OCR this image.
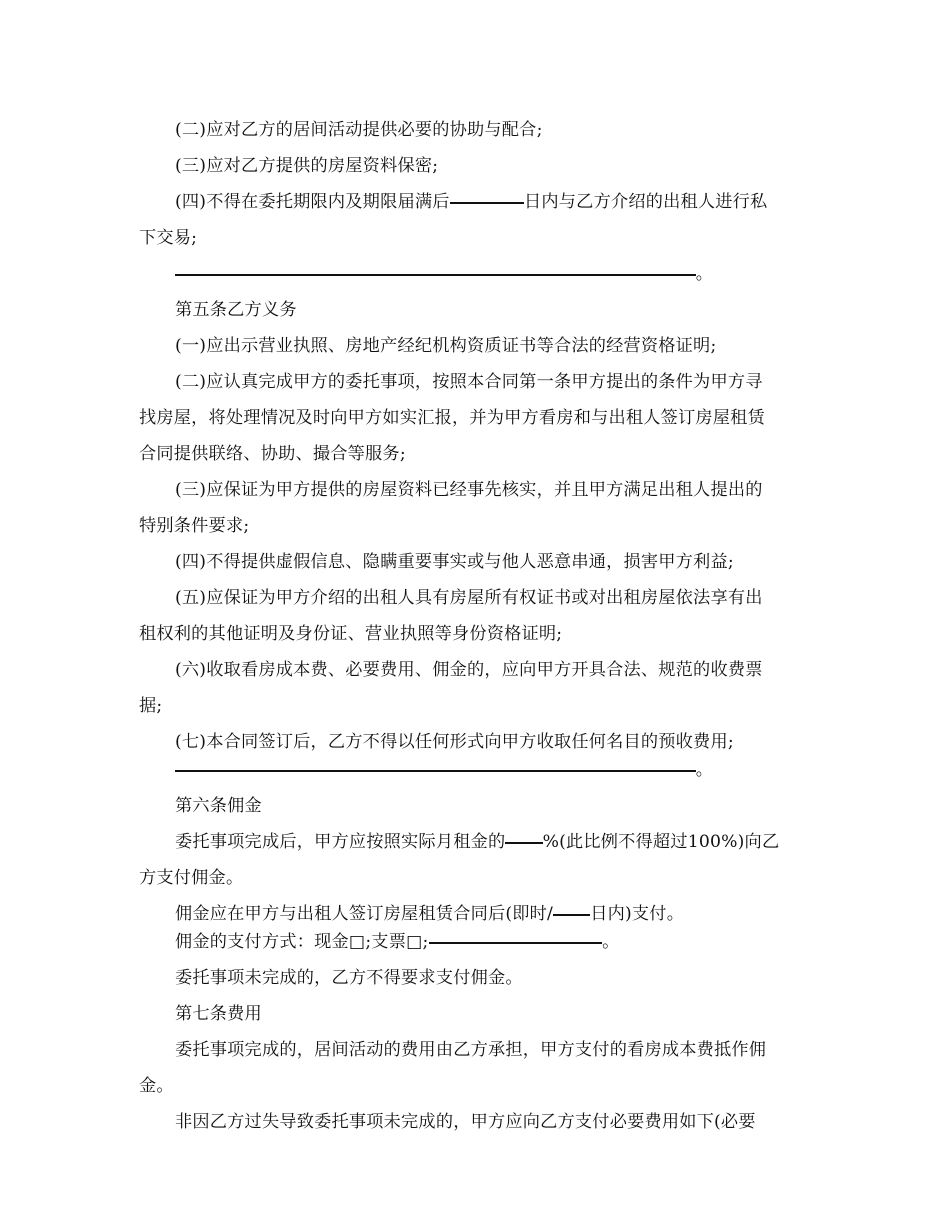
(二)应对乙方的居间活动提供必要的协助与配合;
(三)应对乙方提供的房屋资料保密;
(四)不得在委托期限内及期限届满后	日内与乙方介绍的出租人进行私
下交易;
。
第五条乙方义务
(一)应出示营业执照、房地产经纪机构资质证书等合法的经营资格证明;
(二)应认真完成甲方的委托事项，按照本合同第一条甲方提出的条件为甲方寻
找房屋，将处理情况及时向甲方如实汇报，并为甲方看房和与出租人签订房屋租赁
合同提供联络、协助、撮合等服务;
(三)应保证为甲方提供的房屋资料已经事先核实，并且甲方满足出租人提出的
特别条件要求;
(四)不得提供虚假信息、隐瞒重要事实或与他人恶意串通，损害甲方利益;
(五)应保证为甲方介绍的出租人具有房屋所有权证书或对出租房屋依法享有出
租权利的其他证明及身份证、营业执照等身份资格证明;
(六)收取看房成本费、必要费用、佣金的，应向甲方开具合法、规范的收费票
据;
(七)本合同签订后，乙方不得以任何形式向甲方收取任何名目的预收费用;
。
第六条佣金
委托事项完成后，甲方应按照实际月租金的 %(此比例不得超过100%)向乙
方支付佣金。
佣金应在甲方与出租人签订房屋租赁合同后(即时/ 日内)支付。
佣金的支付方式：现金□;支票□;	。
委托事项未完成的，乙方不得要求支付佣金。
第七条费用
委托事项完成的，居间活动的费用由乙方承担，甲方支付的看房成本费抵作佣
金。
非因乙方过失导致委托事项未完成的，甲方应向乙方支付必要费用如下(必要
